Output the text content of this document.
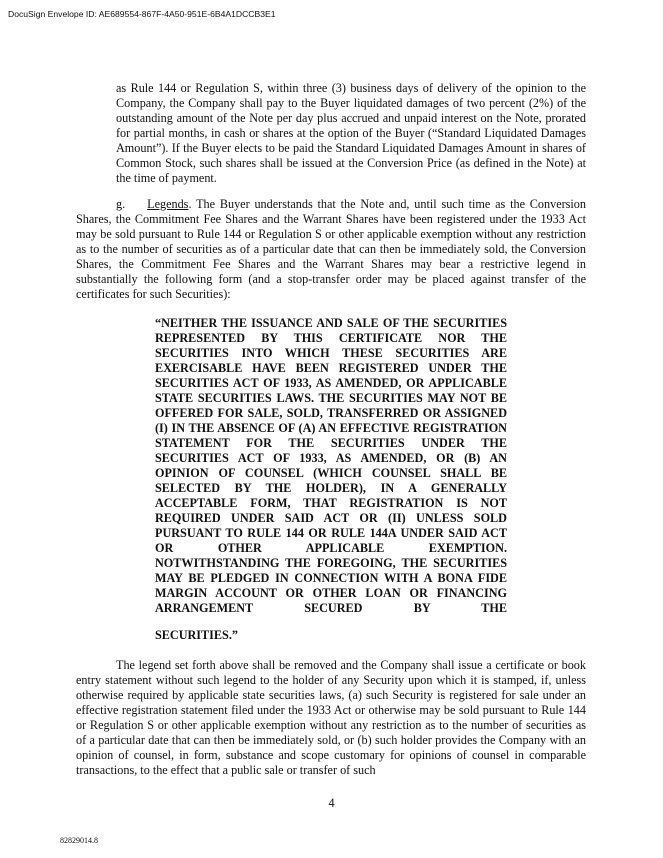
DocuSign Envelope ID: AE689554-867F-4A50-951E-6B4A1DCCB3E1
as Rule 144 or Regulation S, within three (3) business days of delivery of the opinion to the Company, the Company shall pay to the Buyer liquidated damages of two percent (2%) of the outstanding amount of the Note per day plus accrued and unpaid interest on the Note, prorated for partial months, in cash or shares at the option of the Buyer (“Standard Liquidated Damages Amount”). If the Buyer elects to be paid the Standard Liquidated Damages Amount in shares of Common Stock, such shares shall be issued at the Conversion Price (as defined in the Note) at the time of payment.
g. Legends. The Buyer understands that the Note and, until such time as the Conversion Shares, the Commitment Fee Shares and the Warrant Shares have been registered under the 1933 Act may be sold pursuant to Rule 144 or Regulation S or other applicable exemption without any restriction as to the number of securities as of a particular date that can then be immediately sold, the Conversion Shares, the Commitment Fee Shares and the Warrant Shares may bear a restrictive legend in substantially the following form (and a stop-transfer order may be placed against transfer of the certificates for such Securities):
“NEITHER THE ISSUANCE AND SALE OF THE SECURITIES REPRESENTED BY THIS CERTIFICATE NOR THE SECURITIES INTO WHICH THESE SECURITIES ARE EXERCISABLE HAVE BEEN REGISTERED UNDER THE SECURITIES ACT OF 1933, AS AMENDED, OR APPLICABLE STATE SECURITIES LAWS. THE SECURITIES MAY NOT BE OFFERED FOR SALE, SOLD, TRANSFERRED OR ASSIGNED (I) IN THE ABSENCE OF (A) AN EFFECTIVE REGISTRATION STATEMENT FOR THE SECURITIES UNDER THE SECURITIES ACT OF 1933, AS AMENDED, OR (B) AN OPINION OF COUNSEL (WHICH COUNSEL SHALL BE SELECTED BY THE HOLDER), IN A GENERALLY ACCEPTABLE FORM, THAT REGISTRATION IS NOT REQUIRED UNDER SAID ACT OR (II) UNLESS SOLD PURSUANT TO RULE 144 OR RULE 144A UNDER SAID ACT OR OTHER APPLICABLE EXEMPTION. NOTWITHSTANDING THE FOREGOING, THE SECURITIES MAY BE PLEDGED IN CONNECTION WITH A BONA FIDE MARGIN ACCOUNT OR OTHER LOAN OR FINANCING ARRANGEMENT SECURED BY THE
SECURITIES.”
The legend set forth above shall be removed and the Company shall issue a certificate or book entry statement without such legend to the holder of any Security upon which it is stamped, if, unless otherwise required by applicable state securities laws, (a) such Security is registered for sale under an effective registration statement filed under the 1933 Act or otherwise may be sold pursuant to Rule 144 or Regulation S or other applicable exemption without any restriction as to the number of securities as of a particular date that can then be immediately sold, or (b) such holder provides the Company with an opinion of counsel, in form, substance and scope customary for opinions of counsel in comparable transactions, to the effect that a public sale or transfer of such
4
82829014.8
